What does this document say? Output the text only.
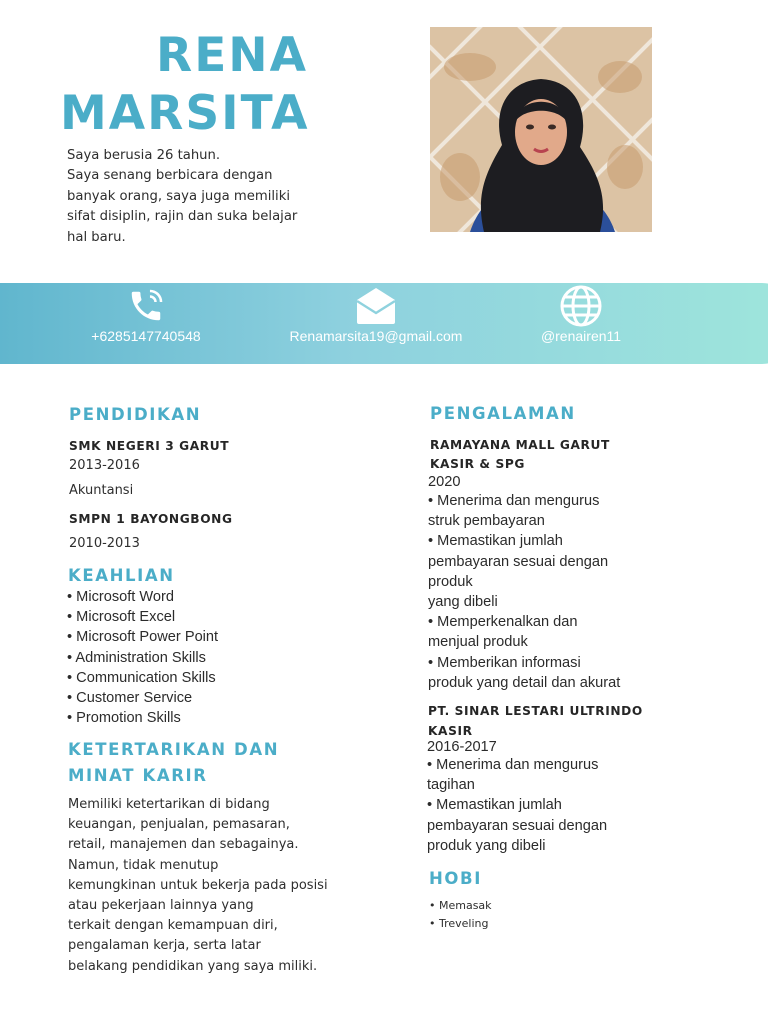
RENA
MARSITA
Saya berusia 26 tahun.
Saya senang berbicara dengan
banyak orang, saya juga memiliki
sifat disiplin, rajin dan suka belajar
hal baru.
+6285147740548	Renamarsita19@gmail.com	@renairen11
PENDIDIKAN
SMK NEGERI 3 GARUT
2013-2016
Akuntansi
SMPN 1 BAYONGBONG
2010-2013
KEAHLIAN
• Microsoft Word
• Microsoft Excel
• Microsoft Power Point
• Administration Skills
• Communication Skills
• Customer Service
• Promotion Skills
KETERTARIKAN DAN
MINAT KARIR
Memiliki ketertarikan di bidang
keuangan, penjualan, pemasaran,
retail, manajemen dan sebagainya.
Namun, tidak menutup
kemungkinan untuk bekerja pada posisi
atau pekerjaan lainnya yang
terkait dengan kemampuan diri,
pengalaman kerja, serta latar
belakang pendidikan yang saya miliki.
PENGALAMAN
RAMAYANA MALL GARUT
KASIR & SPG
2020
• Menerima dan mengurus
struk pembayaran
• Memastikan jumlah
pembayaran sesuai dengan
produk
yang dibeli
• Memperkenalkan dan
menjual produk
• Memberikan informasi
produk yang detail dan akurat
PT. SINAR LESTARI ULTRINDO
KASIR
2016-2017
• Menerima dan mengurus
tagihan
• Memastikan jumlah
pembayaran sesuai dengan
produk yang dibeli
HOBI
• Memasak
• Treveling
